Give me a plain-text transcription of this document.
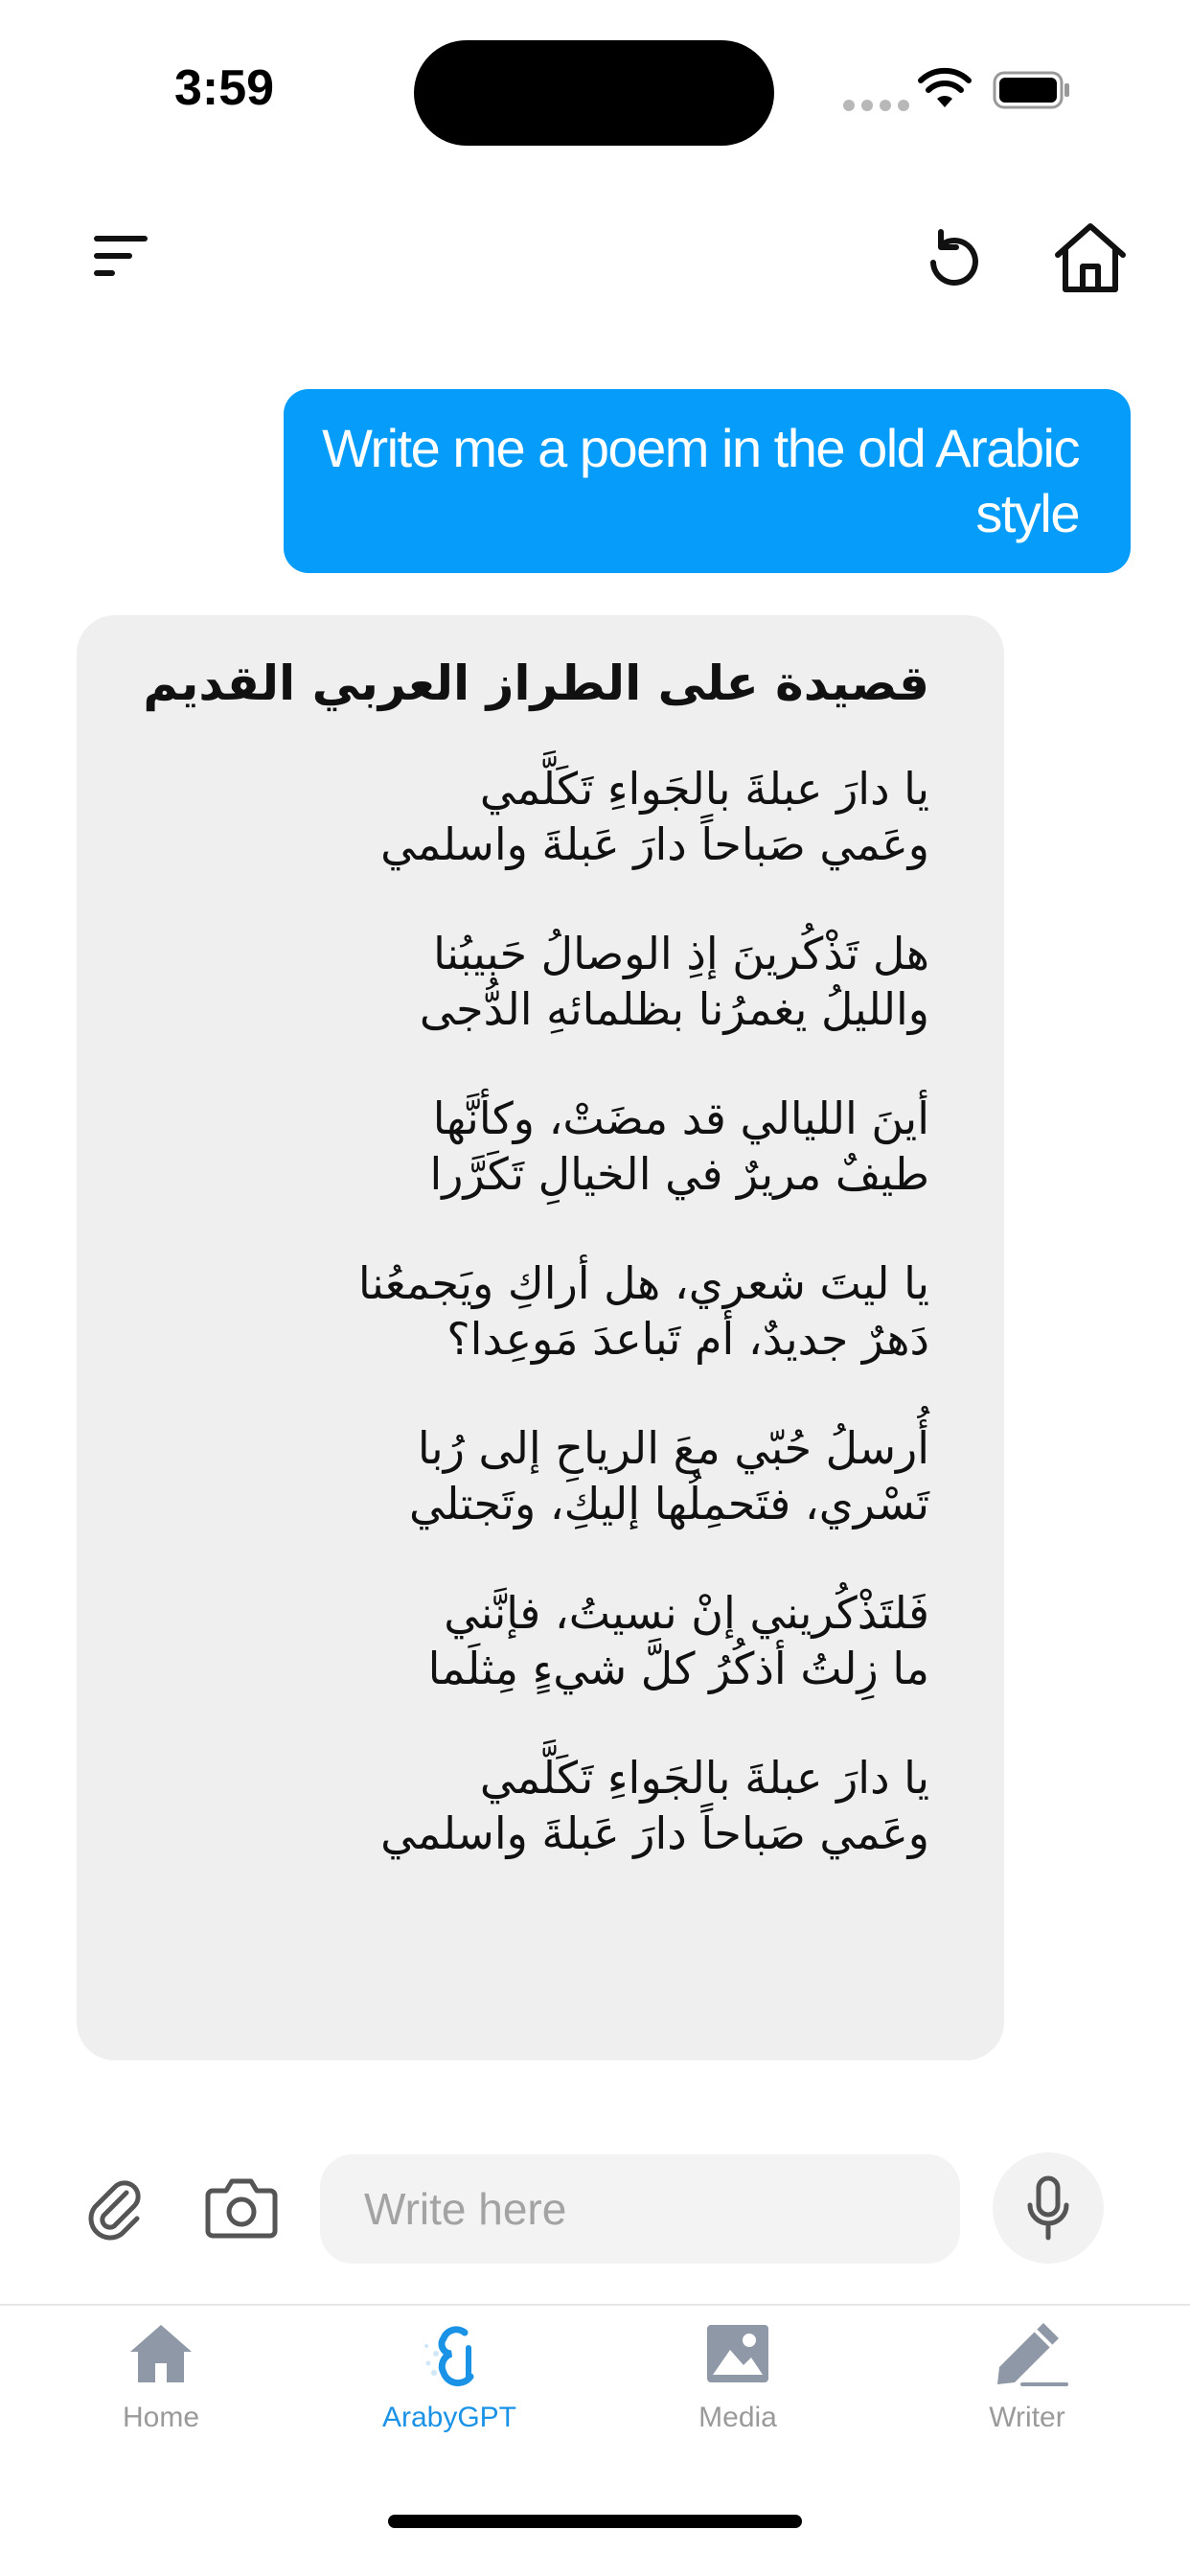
3:59
Write me a poem in the old Arabic style
قصيدة على الطراز العربي القديم
يا دارَ عبلةَ بالجَواءِ تَكَلَّمي
وعَمي صَباحاً دارَ عَبلةَ واسلمي
هل تَذْكُرينَ إذِ الوصالُ حَبيبُنا
والليلُ يغمرُنا بظلمائهِ الدُّجى
أينَ الليالي قد مضَتْ، وكأنَّها
طيفٌ مريرٌ في الخيالِ تَكَرَّرا
يا ليتَ شعري، هل أراكِ ويَجمعُنا
دَهرٌ جديدٌ، أم تَباعدَ مَوعِدا؟
أُرسلُ حُبّي معَ الرياحِ إلى رُبا
تَسْري، فتَحمِلُها إليكِ، وتَجتلي
فَلتَذْكُريني إنْ نسيتُ، فإنَّني
ما زِلتُ أذكُرُ كلَّ شيءٍ مِثلَما
يا دارَ عبلةَ بالجَواءِ تَكَلَّمي
وعَمي صَباحاً دارَ عَبلةَ واسلمي
Write here
Home	ArabyGPT	Media	Writer
